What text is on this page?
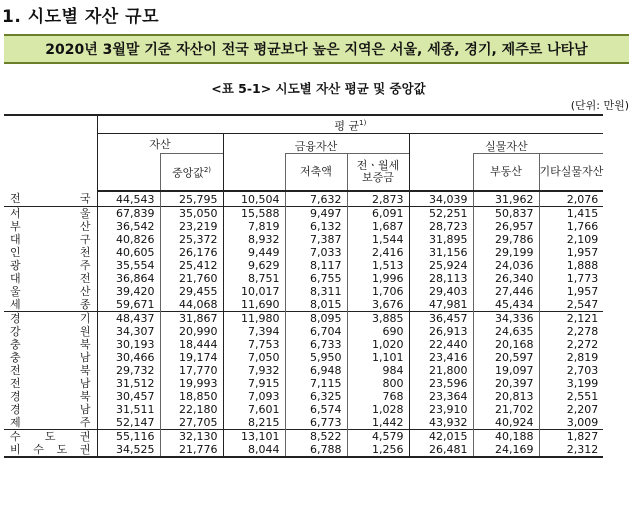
1. 시도별 자산 규모
2020년 3월말 기준 자산이 전국 평균보다 높은 지역은 서울, 세종, 경기, 제주로 나타남
<표 5-1> 시도별 자산 평균 및 중앙값
(단위: 만원)
	평 균$^{1)}$
	자산		금융자산			실물자산		
		중앙값$^{2)}$		저축액	전ㆍ월세
보증금		부동산	기타실물자산

전 국	44,543	25,795	10,504	7,632	2,873	34,039	31,962	2,076

서 울	67,839	35,050	15,588	9,497	6,091	52,251	50,837	1,415

부 산	36,542	23,219	7,819	6,132	1,687	28,723	26,957	1,766

대 구	40,826	25,372	8,932	7,387	1,544	31,895	29,786	2,109

인 천	40,605	26,176	9,449	7,033	2,416	31,156	29,199	1,957

광 주	35,554	25,412	9,629	8,117	1,513	25,924	24,036	1,888

대 전	36,864	21,760	8,751	6,755	1,996	28,113	26,340	1,773

울 산	39,420	29,455	10,017	8,311	1,706	29,403	27,446	1,957

세 종	59,671	44,068	11,690	8,015	3,676	47,981	45,434	2,547

경 기	48,437	31,867	11,980	8,095	3,885	36,457	34,336	2,121

강 원	34,307	20,990	7,394	6,704	690	26,913	24,635	2,278

충 북	30,193	18,444	7,753	6,733	1,020	22,440	20,168	2,272

충 남	30,466	19,174	7,050	5,950	1,101	23,416	20,597	2,819

전 북	29,732	17,770	7,932	6,948	984	21,800	19,097	2,703

전 남	31,512	19,993	7,915	7,115	800	23,596	20,397	3,199

경 북	30,457	18,850	7,093	6,325	768	23,364	20,813	2,551

경 남	31,511	22,180	7,601	6,574	1,028	23,910	21,702	2,207

제 주	52,147	27,705	8,215	6,773	1,442	43,932	40,924	3,009

수 도 권	55,116	32,130	13,101	8,522	4,579	42,015	40,188	1,827

비 수 도 권	34,525	21,776	8,044	6,788	1,256	26,481	24,169	2,312
